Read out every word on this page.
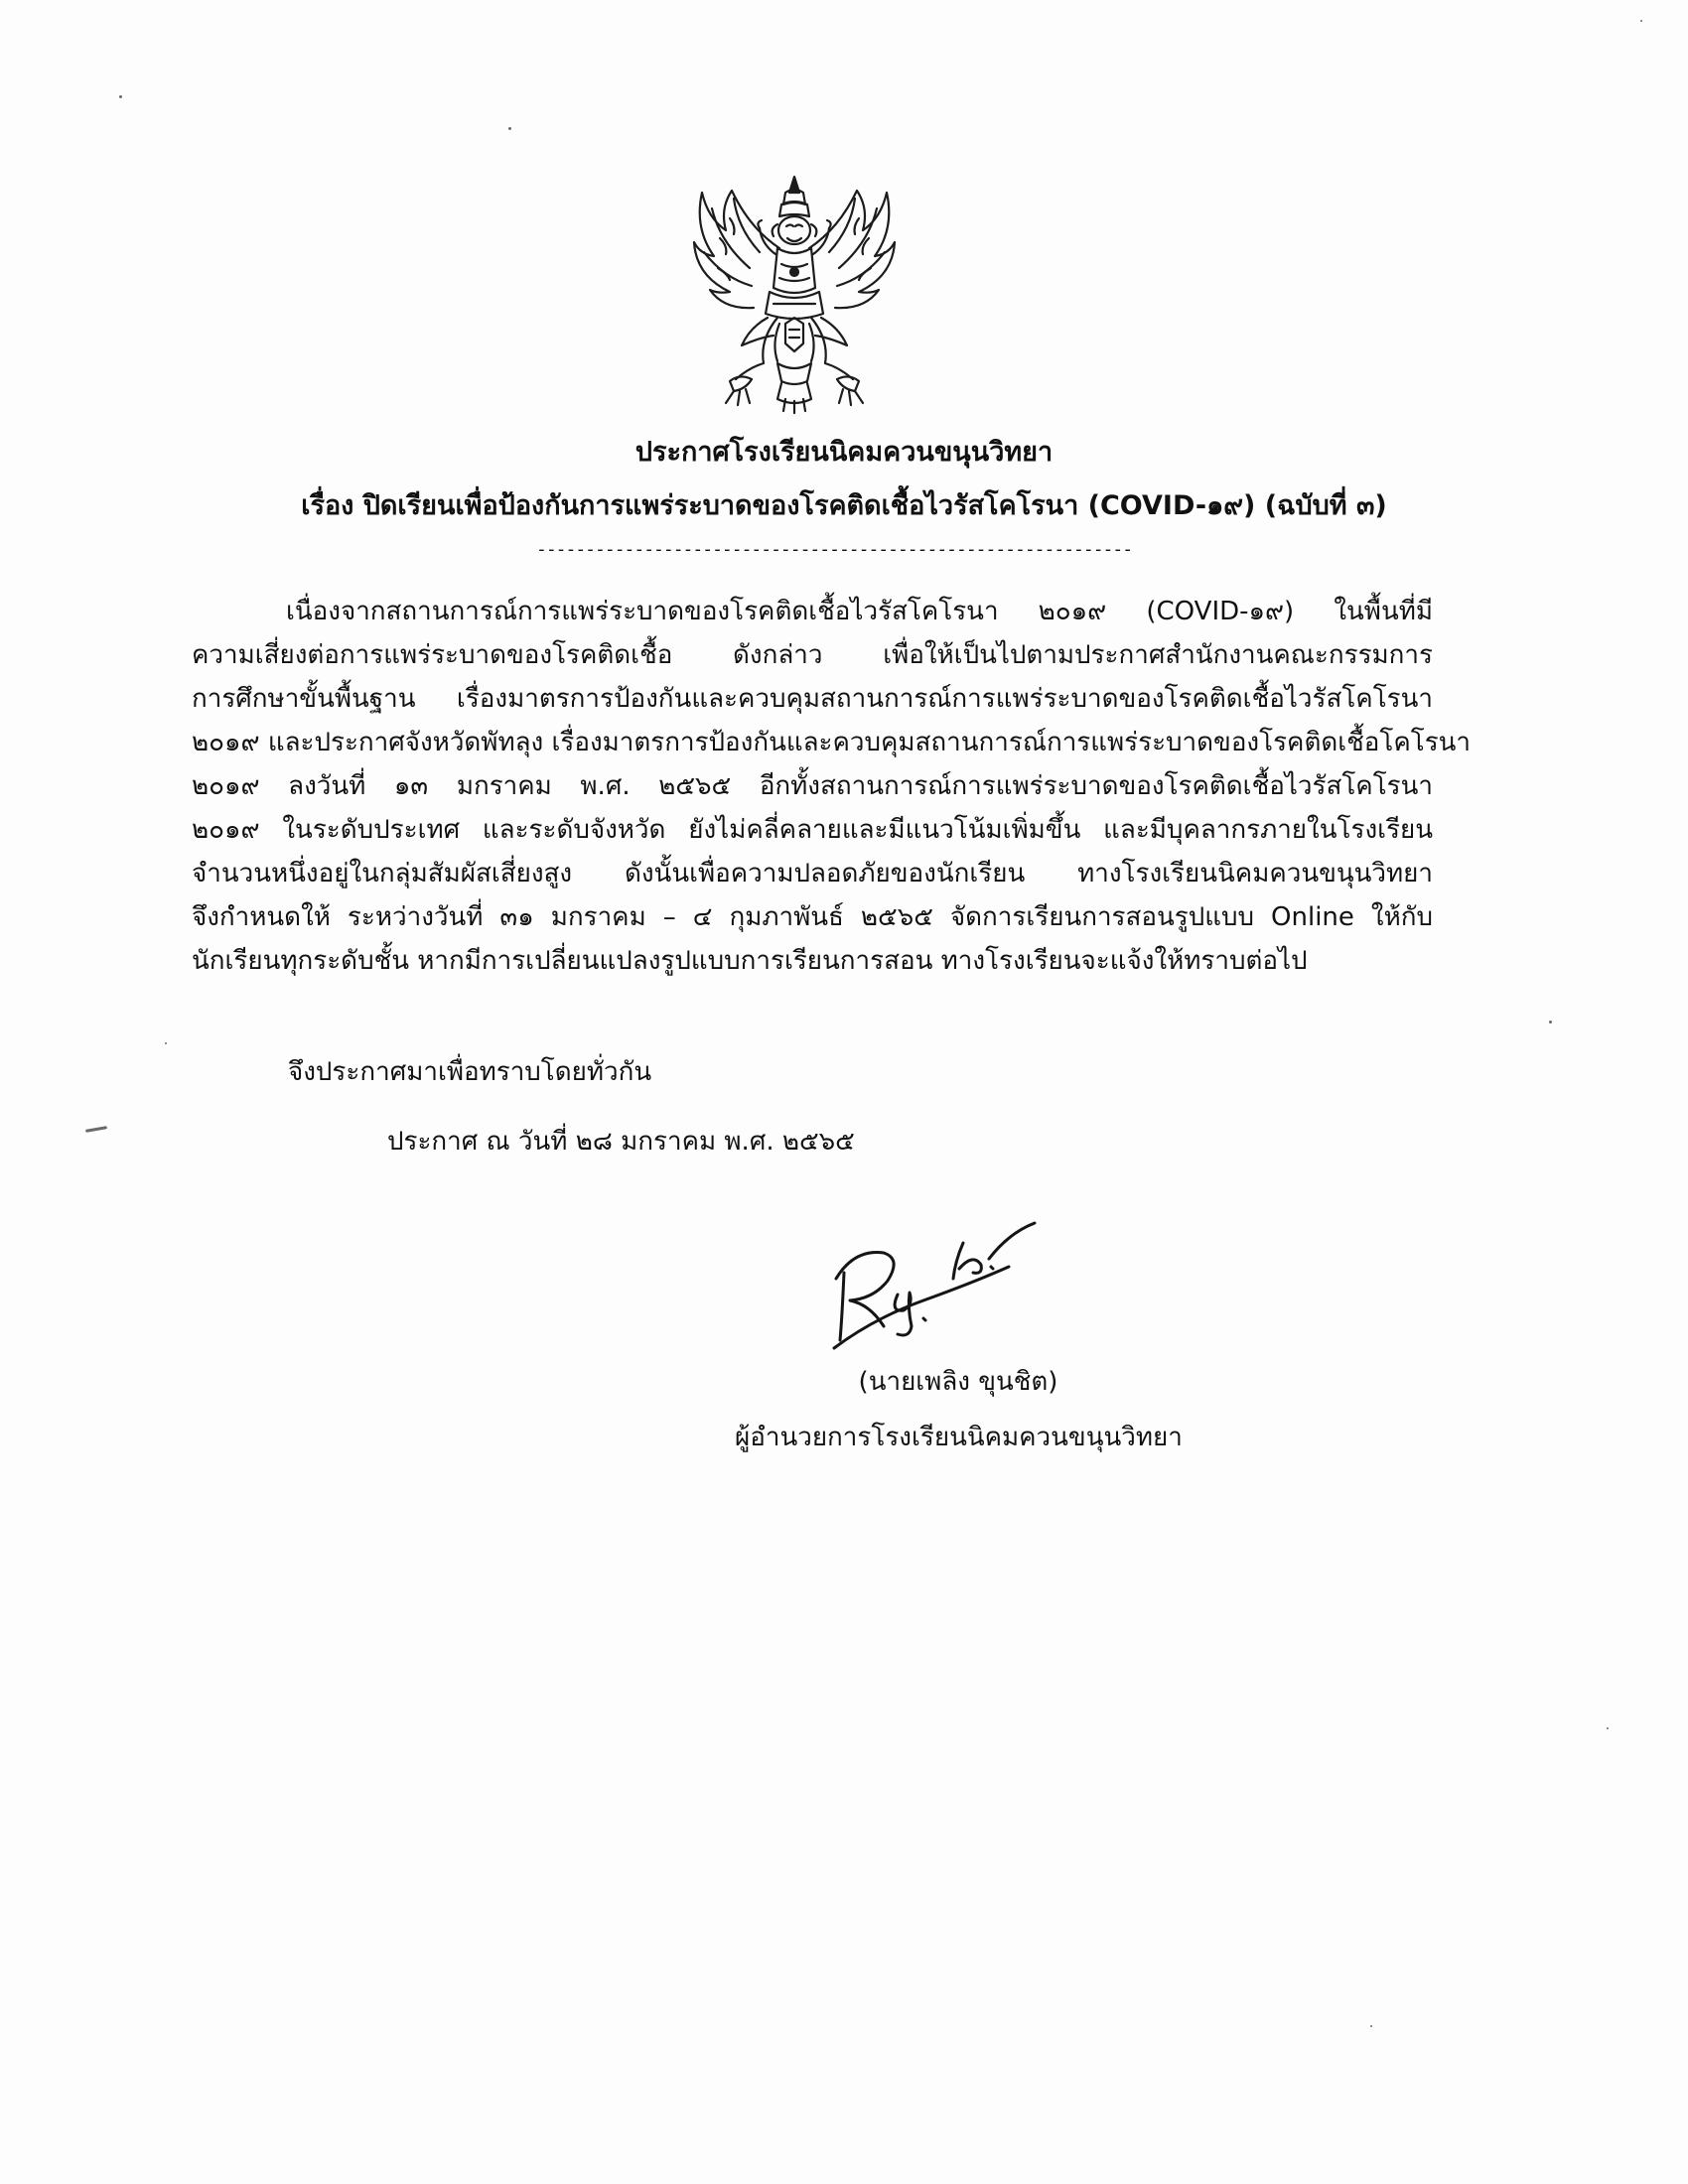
ประกาศโรงเรียนนิคมควนขนุนวิทยา
เรื่อง ปิดเรียนเพื่อป้องกันการแพร่ระบาดของโรคติดเชื้อไวรัสโคโรนา (COVID-๑๙) (ฉบับที่ ๓)
-------------------------------------------------------------
เนื่องจากสถานการณ์การแพร่ระบาดของโรคติดเชื้อไวรัสโคโรนา ๒๐๑๙ (COVID-๑๙) ในพื้นที่มี
ความเสี่ยงต่อการแพร่ระบาดของโรคติดเชื้อ ดังกล่าว เพื่อให้เป็นไปตามประกาศสำนักงานคณะกรรมการ
การศึกษาขั้นพื้นฐาน เรื่องมาตรการป้องกันและควบคุมสถานการณ์การแพร่ระบาดของโรคติดเชื้อไวรัสโคโรนา
๒๐๑๙ และประกาศจังหวัดพัทลุง เรื่องมาตรการป้องกันและควบคุมสถานการณ์การแพร่ระบาดของโรคติดเชื้อโคโรนา
๒๐๑๙ ลงวันที่ ๑๓ มกราคม พ.ศ. ๒๕๖๕ อีกทั้งสถานการณ์การแพร่ระบาดของโรคติดเชื้อไวรัสโคโรนา
๒๐๑๙ ในระดับประเทศ และระดับจังหวัด ยังไม่คลี่คลายและมีแนวโน้มเพิ่มขึ้น และมีบุคลากรภายในโรงเรียน
จำนวนหนึ่งอยู่ในกลุ่มสัมผัสเสี่ยงสูง ดังนั้นเพื่อความปลอดภัยของนักเรียน ทางโรงเรียนนิคมควนขนุนวิทยา
จึงกำหนดให้ ระหว่างวันที่ ๓๑ มกราคม – ๔ กุมภาพันธ์ ๒๕๖๕ จัดการเรียนการสอนรูปแบบ Online ให้กับ
นักเรียนทุกระดับชั้น หากมีการเปลี่ยนแปลงรูปแบบการเรียนการสอน ทางโรงเรียนจะแจ้งให้ทราบต่อไป
จึงประกาศมาเพื่อทราบโดยทั่วกัน
ประกาศ ณ วันที่ ๒๘ มกราคม พ.ศ. ๒๕๖๕
(นายเพลิง ขุนชิต)
ผู้อำนวยการโรงเรียนนิคมควนขนุนวิทยา
